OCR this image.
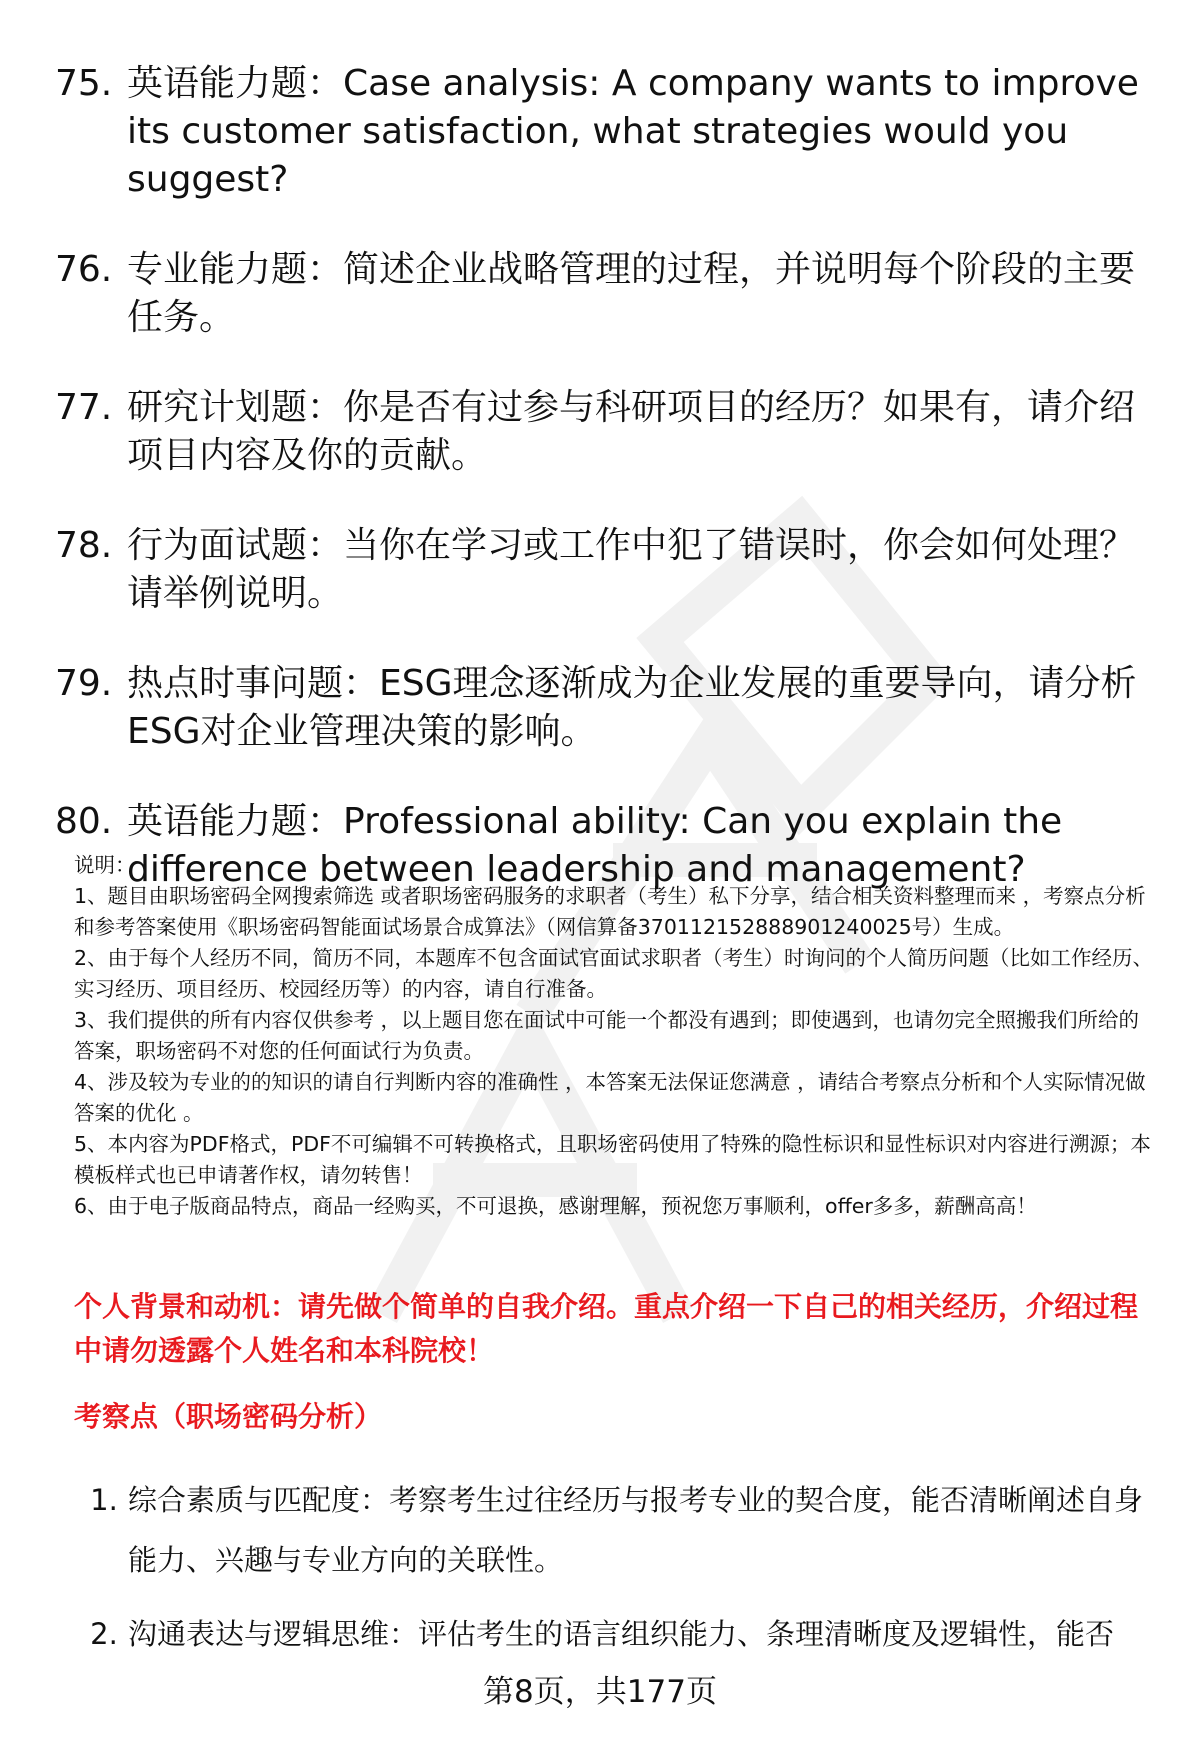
75. 英语能力题：Case analysis: A company wants to improve its customer satisfaction, what strategies would you suggest?
76. 专业能力题：简述企业战略管理的过程，并说明每个阶段的主要任务。
77. 研究计划题：你是否有过参与科研项目的经历？如果有，请介绍项目内容及你的贡献。
78. 行为面试题：当你在学习或工作中犯了错误时，你会如何处理？请举例说明。
79. 热点时事问题：ESG理念逐渐成为企业发展的重要导向，请分析ESG对企业管理决策的影响。
80. 英语能力题：Professional ability: Can you explain the difference between leadership and management?

说明：

1、题目由职场密码全网搜索筛选 或者职场密码服务的求职者（考生）私下分享，结合相关资料整理而来 ，考察点分析和参考答案使用《职场密码智能面试场景合成算法》（网信算备370112152888901240025号）生成。

2、由于每个人经历不同，简历不同，本题库不包含面试官面试求职者（考生）时询问的个人简历问题（比如工作经历、实习经历、项目经历、校园经历等）的内容，请自行准备。

3、我们提供的所有内容仅供参考 ，以上题目您在面试中可能一个都没有遇到；即使遇到，也请勿完全照搬我们所给的答案，职场密码不对您的任何面试行为负责。

4、涉及较为专业的的知识的请自行判断内容的准确性 ，本答案无法保证您满意 ，请结合考察点分析和个人实际情况做答案的优化 。

5、本内容为PDF格式，PDF不可编辑不可转换格式，且职场密码使用了特殊的隐性标识和显性标识对内容进行溯源；本模板样式也已申请著作权，请勿转售！

6、由于电子版商品特点，商品一经购买，不可退换，感谢理解，预祝您万事顺利，offer多多，薪酬高高！

个人背景和动机：请先做个简单的自我介绍。重点介绍一下自己的相关经历，介绍过程中请勿透露个人姓名和本科院校！
考察点（职场密码分析）
1. 综合素质与匹配度：考察考生过往经历与报考专业的契合度，能否清晰阐述自身能力、兴趣与专业方向的关联性。
2. 沟通表达与逻辑思维：评估考生的语言组织能力、条理清晰度及逻辑性，能否
第8页，共177页
